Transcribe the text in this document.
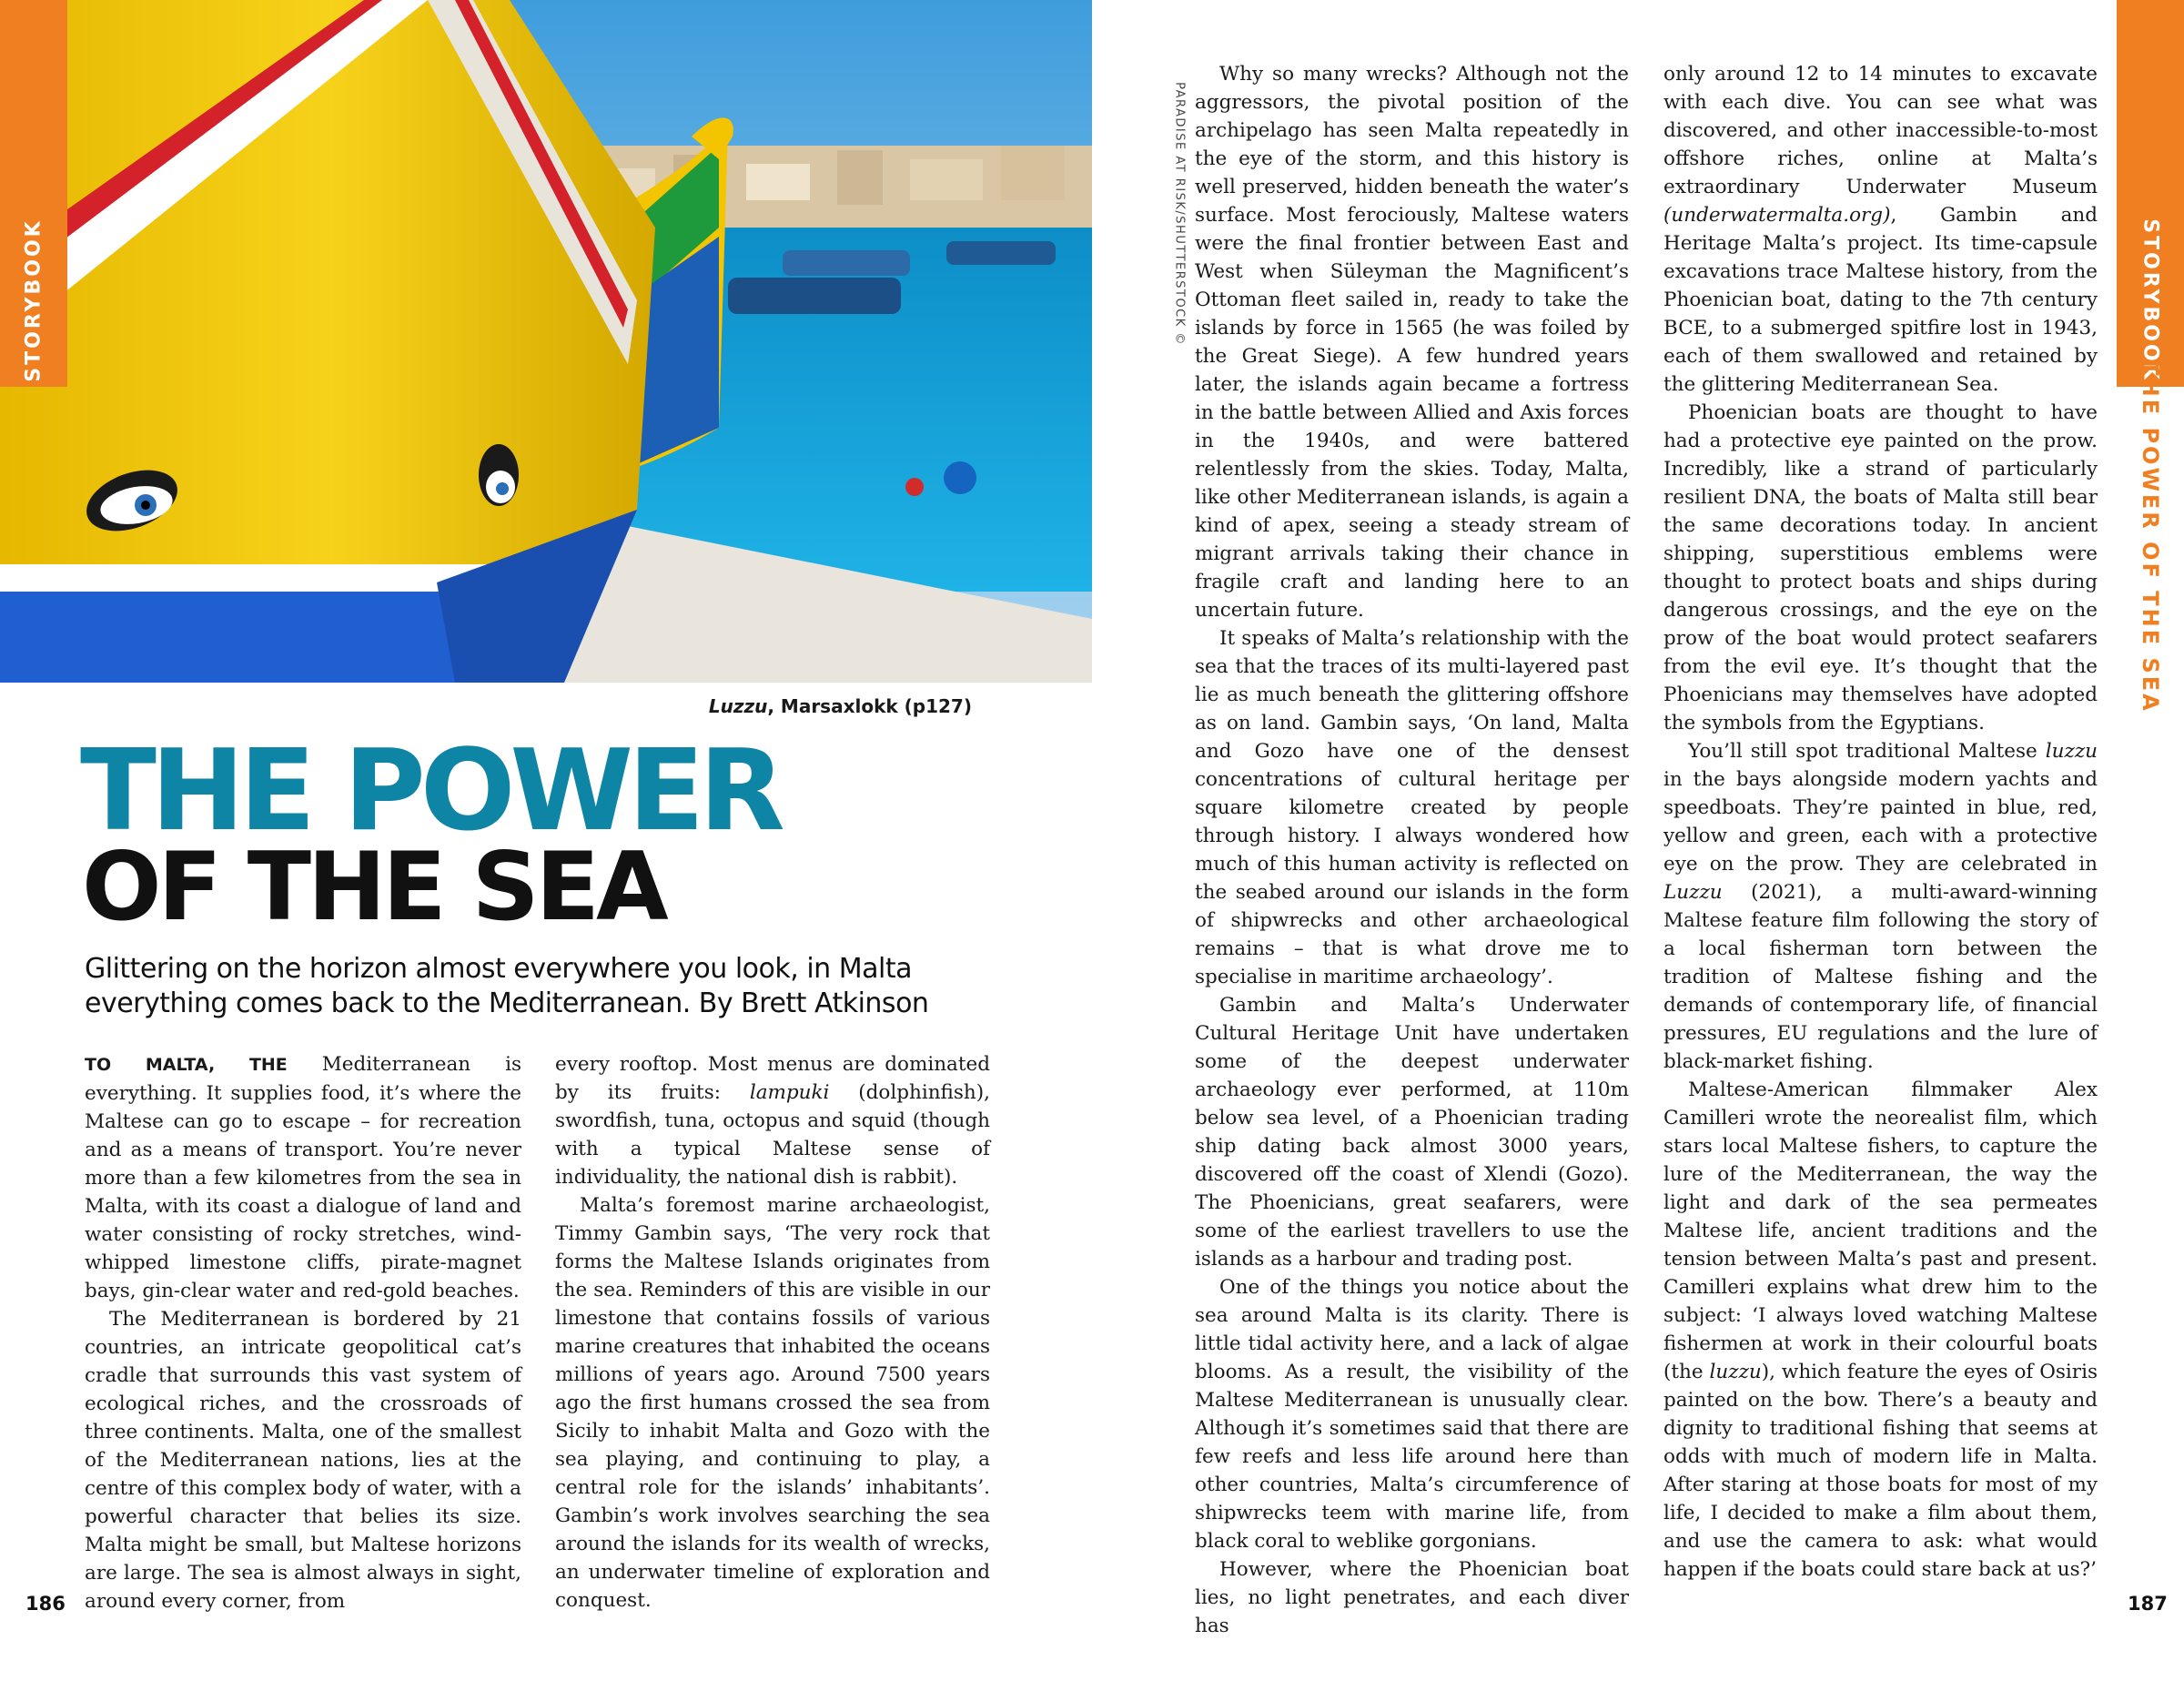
STORYBOOK	STORYBOOK
THE POWER OF THE SEA
PARADISE AT RISK/SHUTTERSTOCK ©
Luzzu, Marsaxlokk (p127)
THE POWER
OF THE SEA
Glittering on the horizon almost everywhere you look, in Malta everything comes back to the Mediterranean. By Brett Atkinson

TO MALTA, THE Mediterranean is everything. It supplies food, it’s where the Maltese can go to escape – for recreation and as a means of transport. You’re never more than a few kilometres from the sea in Malta, with its coast a dialogue of land and water consisting of rocky stretches, wind-whipped limestone cliffs, pirate-magnet bays, gin-clear water and red-gold beaches.

The Mediterranean is bordered by 21 countries, an intricate geopolitical cat’s cradle that surrounds this vast system of ecological riches, and the crossroads of three continents. Malta, one of the smallest of the Mediterranean nations, lies at the centre of this complex body of water, with a powerful character that belies its size. Malta might be small, but Maltese horizons are large. The sea is almost always in sight, around every corner, from

every rooftop. Most menus are dominated by its fruits: lampuki (dolphinfish), swordfish, tuna, octopus and squid (though with a typical Maltese sense of individuality, the national dish is rabbit).

Malta’s foremost marine archaeologist, Timmy Gambin says, ‘The very rock that forms the Maltese Islands originates from the sea. Reminders of this are visible in our limestone that contains fossils of various marine creatures that inhabited the oceans millions of years ago. Around 7500 years ago the first humans crossed the sea from Sicily to inhabit Malta and Gozo with the sea playing, and continuing to play, a central role for the islands’ inhabitants’. Gambin’s work involves searching the sea around the islands for its wealth of wrecks, an underwater timeline of exploration and conquest.

Why so many wrecks? Although not the aggressors, the pivotal position of the archipelago has seen Malta repeatedly in the eye of the storm, and this history is well preserved, hidden beneath the water’s surface. Most ferociously, Maltese waters were the final frontier between East and West when Süleyman the Magnificent’s Ottoman fleet sailed in, ready to take the islands by force in 1565 (he was foiled by the Great Siege). A few hundred years later, the islands again became a fortress in the battle between Allied and Axis forces in the 1940s, and were battered relentlessly from the skies. Today, Malta, like other Mediterranean islands, is again a kind of apex, seeing a steady stream of migrant arrivals taking their chance in fragile craft and landing here to an uncertain future.

It speaks of Malta’s relationship with the sea that the traces of its multi-layered past lie as much beneath the glittering offshore as on land. Gambin says, ‘On land, Malta and Gozo have one of the densest concentrations of cultural heritage per square kilometre created by people through history. I always wondered how much of this human activity is reflected on the seabed around our islands in the form of shipwrecks and other archaeological remains – that is what drove me to specialise in maritime archaeology’.

Gambin and Malta’s Underwater Cultural Heritage Unit have undertaken some of the deepest underwater archaeology ever performed, at 110m below sea level, of a Phoenician trading ship dating back almost 3000 years, discovered off the coast of Xlendi (Gozo). The Phoenicians, great seafarers, were some of the earliest travellers to use the islands as a harbour and trading post.

One of the things you notice about the sea around Malta is its clarity. There is little tidal activity here, and a lack of algae blooms. As a result, the visibility of the Maltese Mediterranean is unusually clear. Although it’s sometimes said that there are few reefs and less life around here than other countries, Malta’s circumference of shipwrecks teem with marine life, from black coral to weblike gorgonians.

However, where the Phoenician boat lies, no light penetrates, and each diver has

only around 12 to 14 minutes to excavate with each dive. You can see what was discovered, and other inaccessible-to-most offshore riches, online at Malta’s extraordinary Underwater Museum (underwatermalta.org), Gambin and Heritage Malta’s project. Its time-capsule excavations trace Maltese history, from the Phoenician boat, dating to the 7th century BCE, to a submerged spitfire lost in 1943, each of them swallowed and retained by the glittering Mediterranean Sea.

Phoenician boats are thought to have had a protective eye painted on the prow. Incredibly, like a strand of particularly resilient DNA, the boats of Malta still bear the same decorations today. In ancient shipping, superstitious emblems were thought to protect boats and ships during dangerous crossings, and the eye on the prow of the boat would protect seafarers from the evil eye. It’s thought that the Phoenicians may themselves have adopted the symbols from the Egyptians.

You’ll still spot traditional Maltese luzzu in the bays alongside modern yachts and speedboats. They’re painted in blue, red, yellow and green, each with a protective eye on the prow. They are celebrated in Luzzu (2021), a multi-award-winning Maltese feature film following the story of a local fisherman torn between the tradition of Maltese fishing and the demands of contemporary life, of financial pressures, EU regulations and the lure of black-market fishing.

Maltese-American filmmaker Alex Camilleri wrote the neorealist film, which stars local Maltese fishers, to capture the lure of the Mediterranean, the way the light and dark of the sea permeates Maltese life, ancient traditions and the tension between Malta’s past and present. Camilleri explains what drew him to the subject: ‘I always loved watching Maltese fishermen at work in their colourful boats (the luzzu), which feature the eyes of Osiris painted on the bow. There’s a beauty and dignity to traditional fishing that seems at odds with much of modern life in Malta. After staring at those boats for most of my life, I decided to make a film about them, and use the camera to ask: what would happen if the boats could stare back at us?’

186	187
